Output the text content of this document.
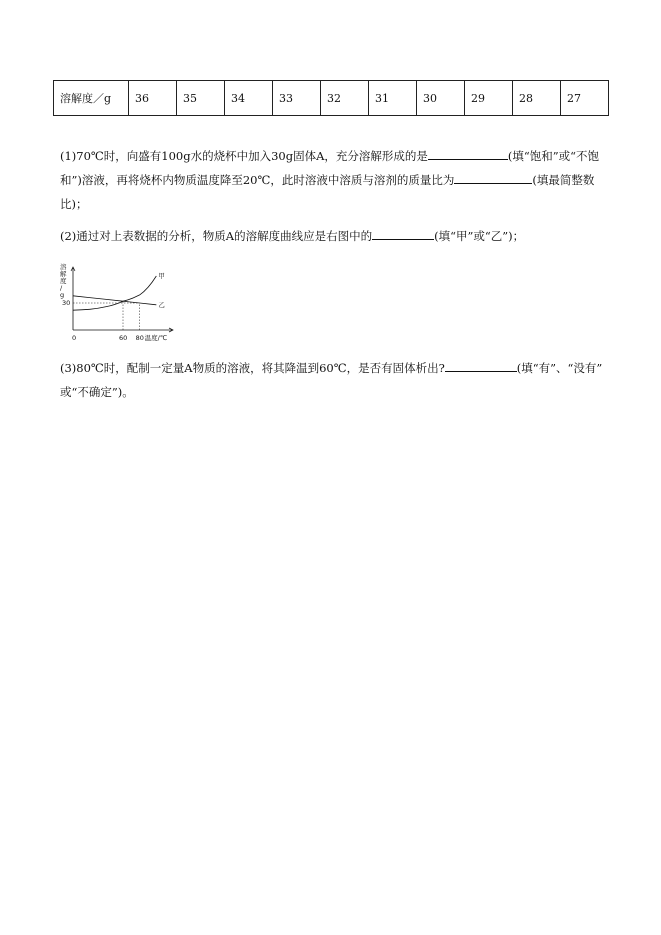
溶解度／g	36	35	34	33	32	31	30	29	28	27
(1)70℃时，向盛有100g水的烧杯中加入30g固体A，充分溶解形成的是	(填“饱和”或“不饱
和”)溶液，再将烧杯内物质温度降至20℃，此时溶液中溶质与溶剂的质量比为	(填最简整数
比)；
(2)通过对上表数据的分析，物质A的溶解度曲线应是右图中的	(填“甲”或“乙”)；
甲
乙
溶
解
度
/
g
30
0	60 80 温度/℃
(3)80℃时，配制一定量A物质的溶液，将其降温到60℃，是否有固体析出?	(填“有”、“没有”
或“不确定”)。
